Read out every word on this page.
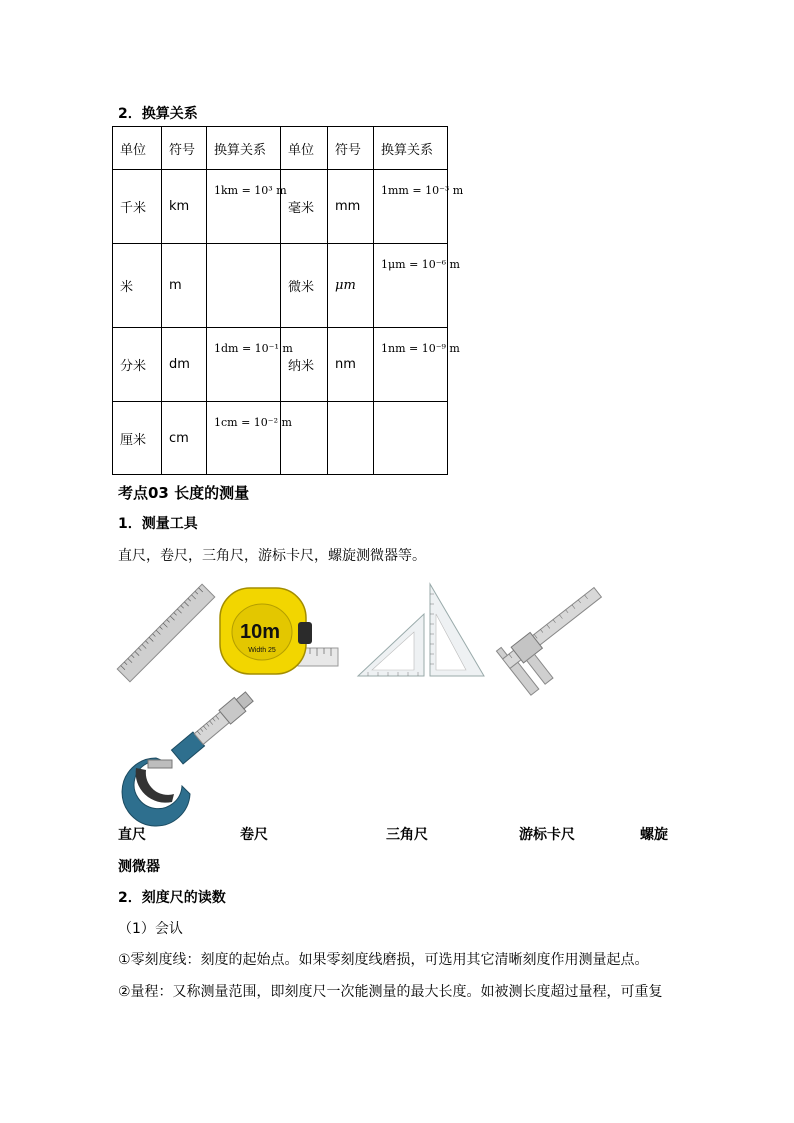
2．换算关系
单位	符号	换算关系	单位	符号	换算关系
千米	km	1km = 10³ m	毫米	mm	1mm = 10⁻³ m
米	m		微米	μm	1μm = 10⁻⁶ m
分米	dm	1dm = 10⁻¹ m	纳米	nm	1nm = 10⁻⁹ m
厘米	cm	1cm = 10⁻² m			
考点03 长度的测量
1．测量工具
直尺，卷尺，三角尺，游标卡尺，螺旋测微器等。
10m
Width 25
直尺	卷尺	三角尺	游标卡尺	螺旋
测微器
2．刻度尺的读数
（1）会认
①零刻度线：刻度的起始点。如果零刻度线磨损，可选用其它清晰刻度作用测量起点。
②量程：又称测量范围，即刻度尺一次能测量的最大长度。如被测长度超过量程，可重复
